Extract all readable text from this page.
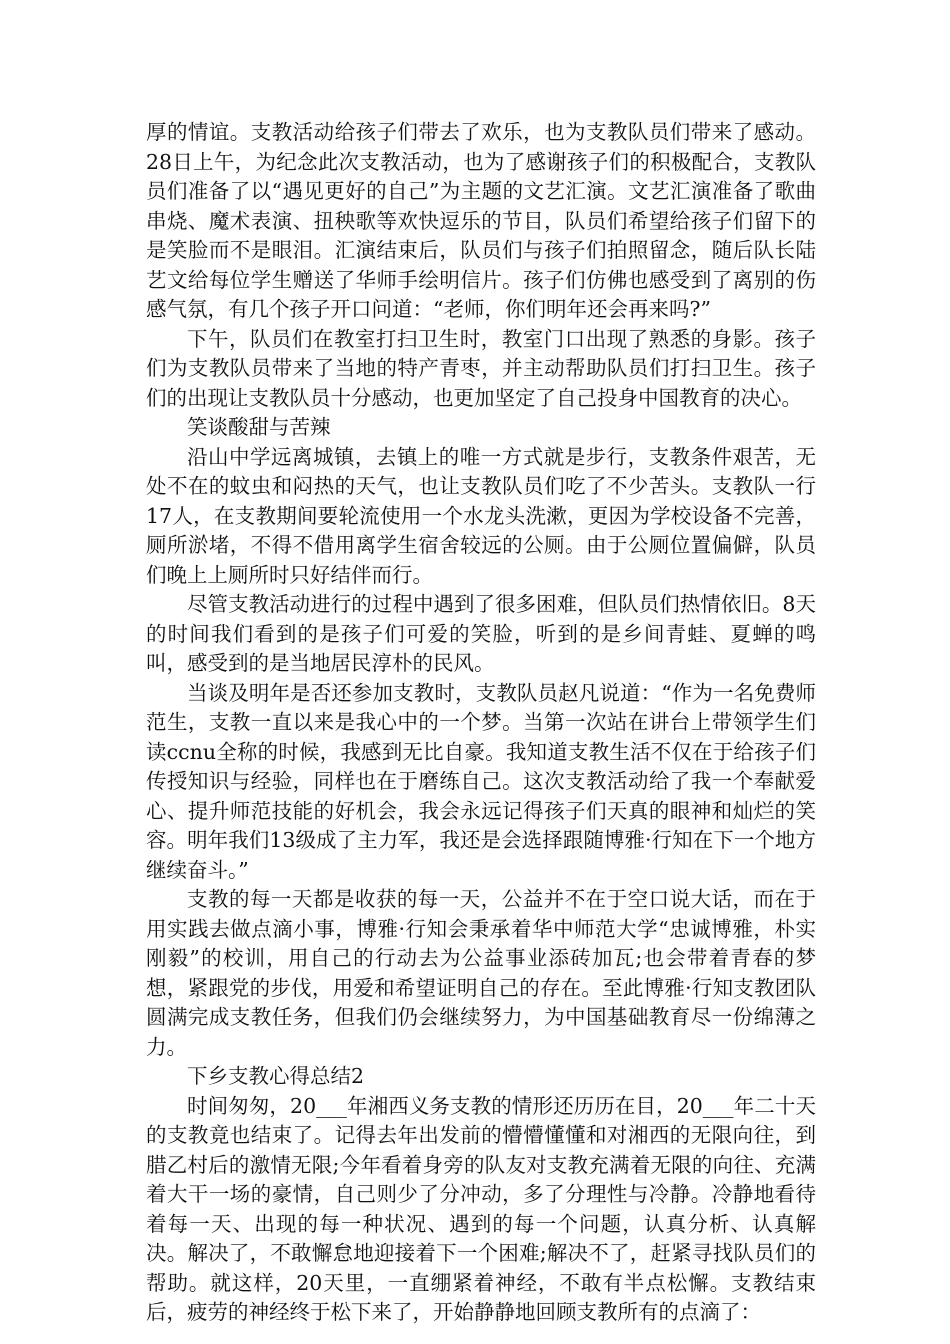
厚的情谊。支教活动给孩子们带去了欢乐，也为支教队员们带来了感动。28日上午，为纪念此次支教活动，也为了感谢孩子们的积极配合，支教队员们准备了以“遇见更好的自己”为主题的文艺汇演。文艺汇演准备了歌曲串烧、魔术表演、扭秧歌等欢快逗乐的节目，队员们希望给孩子们留下的是笑脸而不是眼泪。汇演结束后，队员们与孩子们拍照留念，随后队长陆艺文给每位学生赠送了华师手绘明信片。孩子们仿佛也感受到了离别的伤感气氛，有几个孩子开口问道：“老师，你们明年还会再来吗?”

下午，队员们在教室打扫卫生时，教室门口出现了熟悉的身影。孩子们为支教队员带来了当地的特产青枣，并主动帮助队员们打扫卫生。孩子们的出现让支教队员十分感动，也更加坚定了自己投身中国教育的决心。

笑谈酸甜与苦辣

沿山中学远离城镇，去镇上的唯一方式就是步行，支教条件艰苦，无处不在的蚊虫和闷热的天气，也让支教队员们吃了不少苦头。支教队一行17人，在支教期间要轮流使用一个水龙头洗漱，更因为学校设备不完善，厕所淤堵，不得不借用离学生宿舍较远的公厕。由于公厕位置偏僻，队员们晚上上厕所时只好结伴而行。

尽管支教活动进行的过程中遇到了很多困难，但队员们热情依旧。8天的时间我们看到的是孩子们可爱的笑脸，听到的是乡间青蛙、夏蝉的鸣叫，感受到的是当地居民淳朴的民风。

当谈及明年是否还参加支教时，支教队员赵凡说道：“作为一名免费师范生，支教一直以来是我心中的一个梦。当第一次站在讲台上带领学生们读ccnu全称的时候，我感到无比自豪。我知道支教生活不仅在于给孩子们传授知识与经验，同样也在于磨练自己。这次支教活动给了我一个奉献爱心、提升师范技能的好机会，我会永远记得孩子们天真的眼神和灿烂的笑容。明年我们13级成了主力军，我还是会选择跟随博雅·行知在下一个地方继续奋斗。”

支教的每一天都是收获的每一天，公益并不在于空口说大话，而在于用实践去做点滴小事，博雅·行知会秉承着华中师范大学“忠诚博雅，朴实刚毅”的校训，用自己的行动去为公益事业添砖加瓦;也会带着青春的梦想，紧跟党的步伐，用爱和希望证明自己的存在。至此博雅·行知支教团队圆满完成支教任务，但我们仍会继续努力，为中国基础教育尽一份绵薄之力。

下乡支教心得总结2

时间匆匆，20___年湘西义务支教的情形还历历在目，20___年二十天的支教竟也结束了。记得去年出发前的懵懵懂懂和对湘西的无限向往，到腊乙村后的激情无限;今年看着身旁的队友对支教充满着无限的向往、充满着大干一场的豪情，自己则少了分冲动，多了分理性与冷静。冷静地看待着每一天、出现的每一种状况、遇到的每一个问题，认真分析、认真解决。解决了，不敢懈怠地迎接着下一个困难;解决不了，赶紧寻找队员们的帮助。就这样，20天里，一直绷紧着神经，不敢有半点松懈。支教结束后，疲劳的神经终于松下来了，开始静静地回顾支教所有的点滴了：
